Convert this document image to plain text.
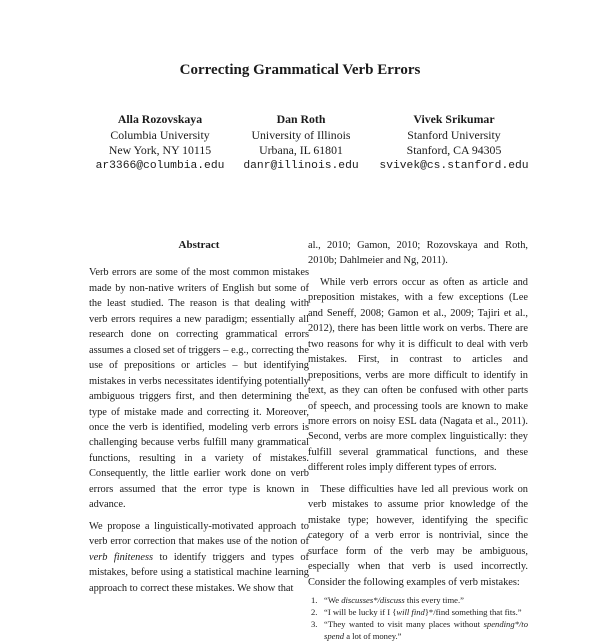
Correcting Grammatical Verb Errors
Alla Rozovskaya
Columbia University
New York, NY 10115
ar3366@columbia.edu
Dan Roth
University of Illinois
Urbana, IL 61801
danr@illinois.edu
Vivek Srikumar
Stanford University
Stanford, CA 94305
svivek@cs.stanford.edu
Abstract

Verb errors are some of the most common mistakes made by non-native writers of English but some of the least studied. The reason is that dealing with verb errors requires a new paradigm; essentially all research done on correcting grammatical errors assumes a closed set of triggers – e.g., correcting the use of prepositions or articles – but identifying mistakes in verbs necessitates identifying potentially ambiguous triggers first, and then determining the type of mistake made and correcting it. Moreover, once the verb is identified, modeling verb errors is challenging because verbs fulfill many grammatical functions, resulting in a variety of mistakes. Consequently, the little earlier work done on verb errors assumed that the error type is known in advance.

We propose a linguistically-motivated approach to verb error correction that makes use of the notion of verb finiteness to identify triggers and types of mistakes, before using a statistical machine learning approach to correct these mistakes. We show that

al., 2010; Gamon, 2010; Rozovskaya and Roth, 2010b; Dahlmeier and Ng, 2011).

While verb errors occur as often as article and preposition mistakes, with a few exceptions (Lee and Seneff, 2008; Gamon et al., 2009; Tajiri et al., 2012), there has been little work on verbs. There are two reasons for why it is difficult to deal with verb mistakes. First, in contrast to articles and prepositions, verbs are more difficult to identify in text, as they can often be confused with other parts of speech, and processing tools are known to make more errors on noisy ESL data (Nagata et al., 2011). Second, verbs are more complex linguistically: they fulfill several grammatical functions, and these different roles imply different types of errors.

These difficulties have led all previous work on verb mistakes to assume prior knowledge of the mistake type; however, identifying the specific category of a verb error is nontrivial, since the surface form of the verb may be ambiguous, especially when that verb is used incorrectly. Consider the following examples of verb mistakes:

1. “We discusses*/discuss this every time.”
2. “I will be lucky if I {will find}*/find something that fits.”
3. “They wanted to visit many places without spending*/to spend a lot of money.”
